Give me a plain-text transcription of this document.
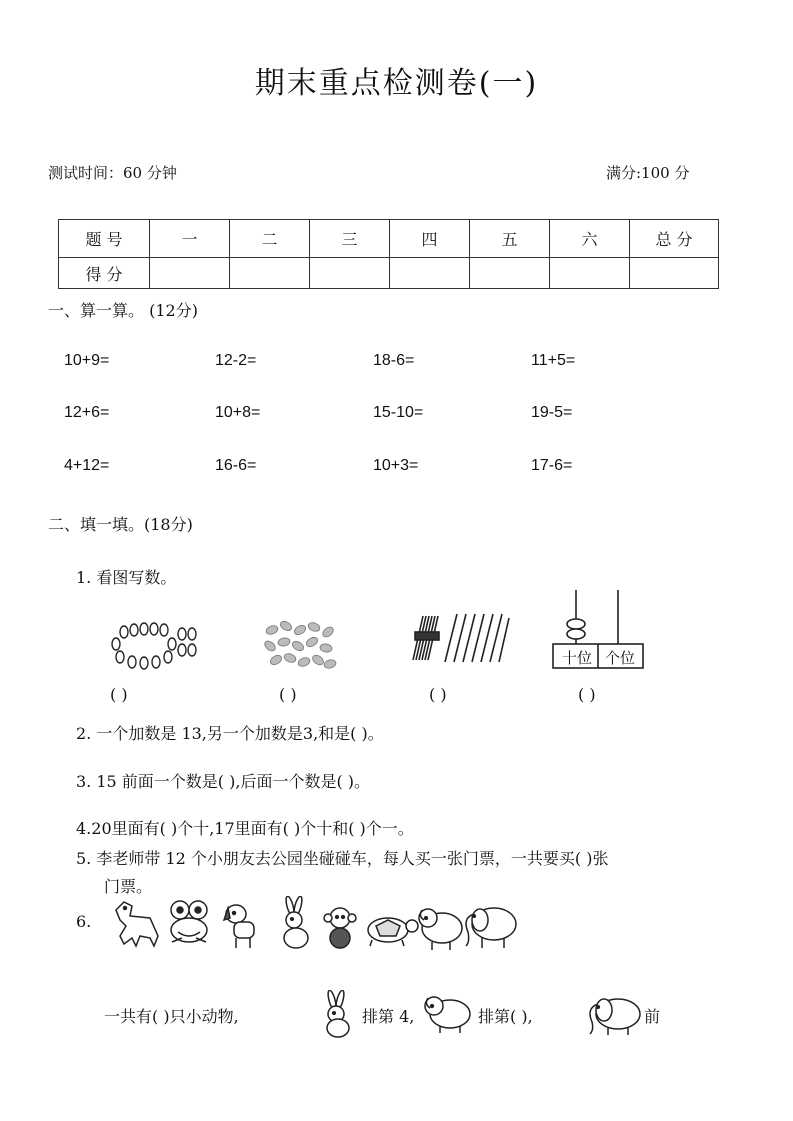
期末重点检测卷(一)
测试时间：60 分钟	满分:100 分
题 号	一	二	三	四	五	六	总 分
得 分							
一、算一算。 (12分)
10+9=	12-2=	18-6=	11+5=
12+6=	10+8=	15-10=	19-5=
4+12=	16-6=	10+3=	17-6=
二、填一填。(18分)
1. 看图写数。
十位 个位
( )	( )	( )	( )
2. 一个加数是 13,另一个加数是3,和是( )。
3. 15 前面一个数是( ),后面一个数是( )。
4.20里面有( )个十,17里面有( )个十和( )个一。
5. 李老师带 12 个小朋友去公园坐碰碰车，每人买一张门票，一共要买( )张
门票。
6.
一共有( )只小动物,	排第 4,	排第( ),	前
